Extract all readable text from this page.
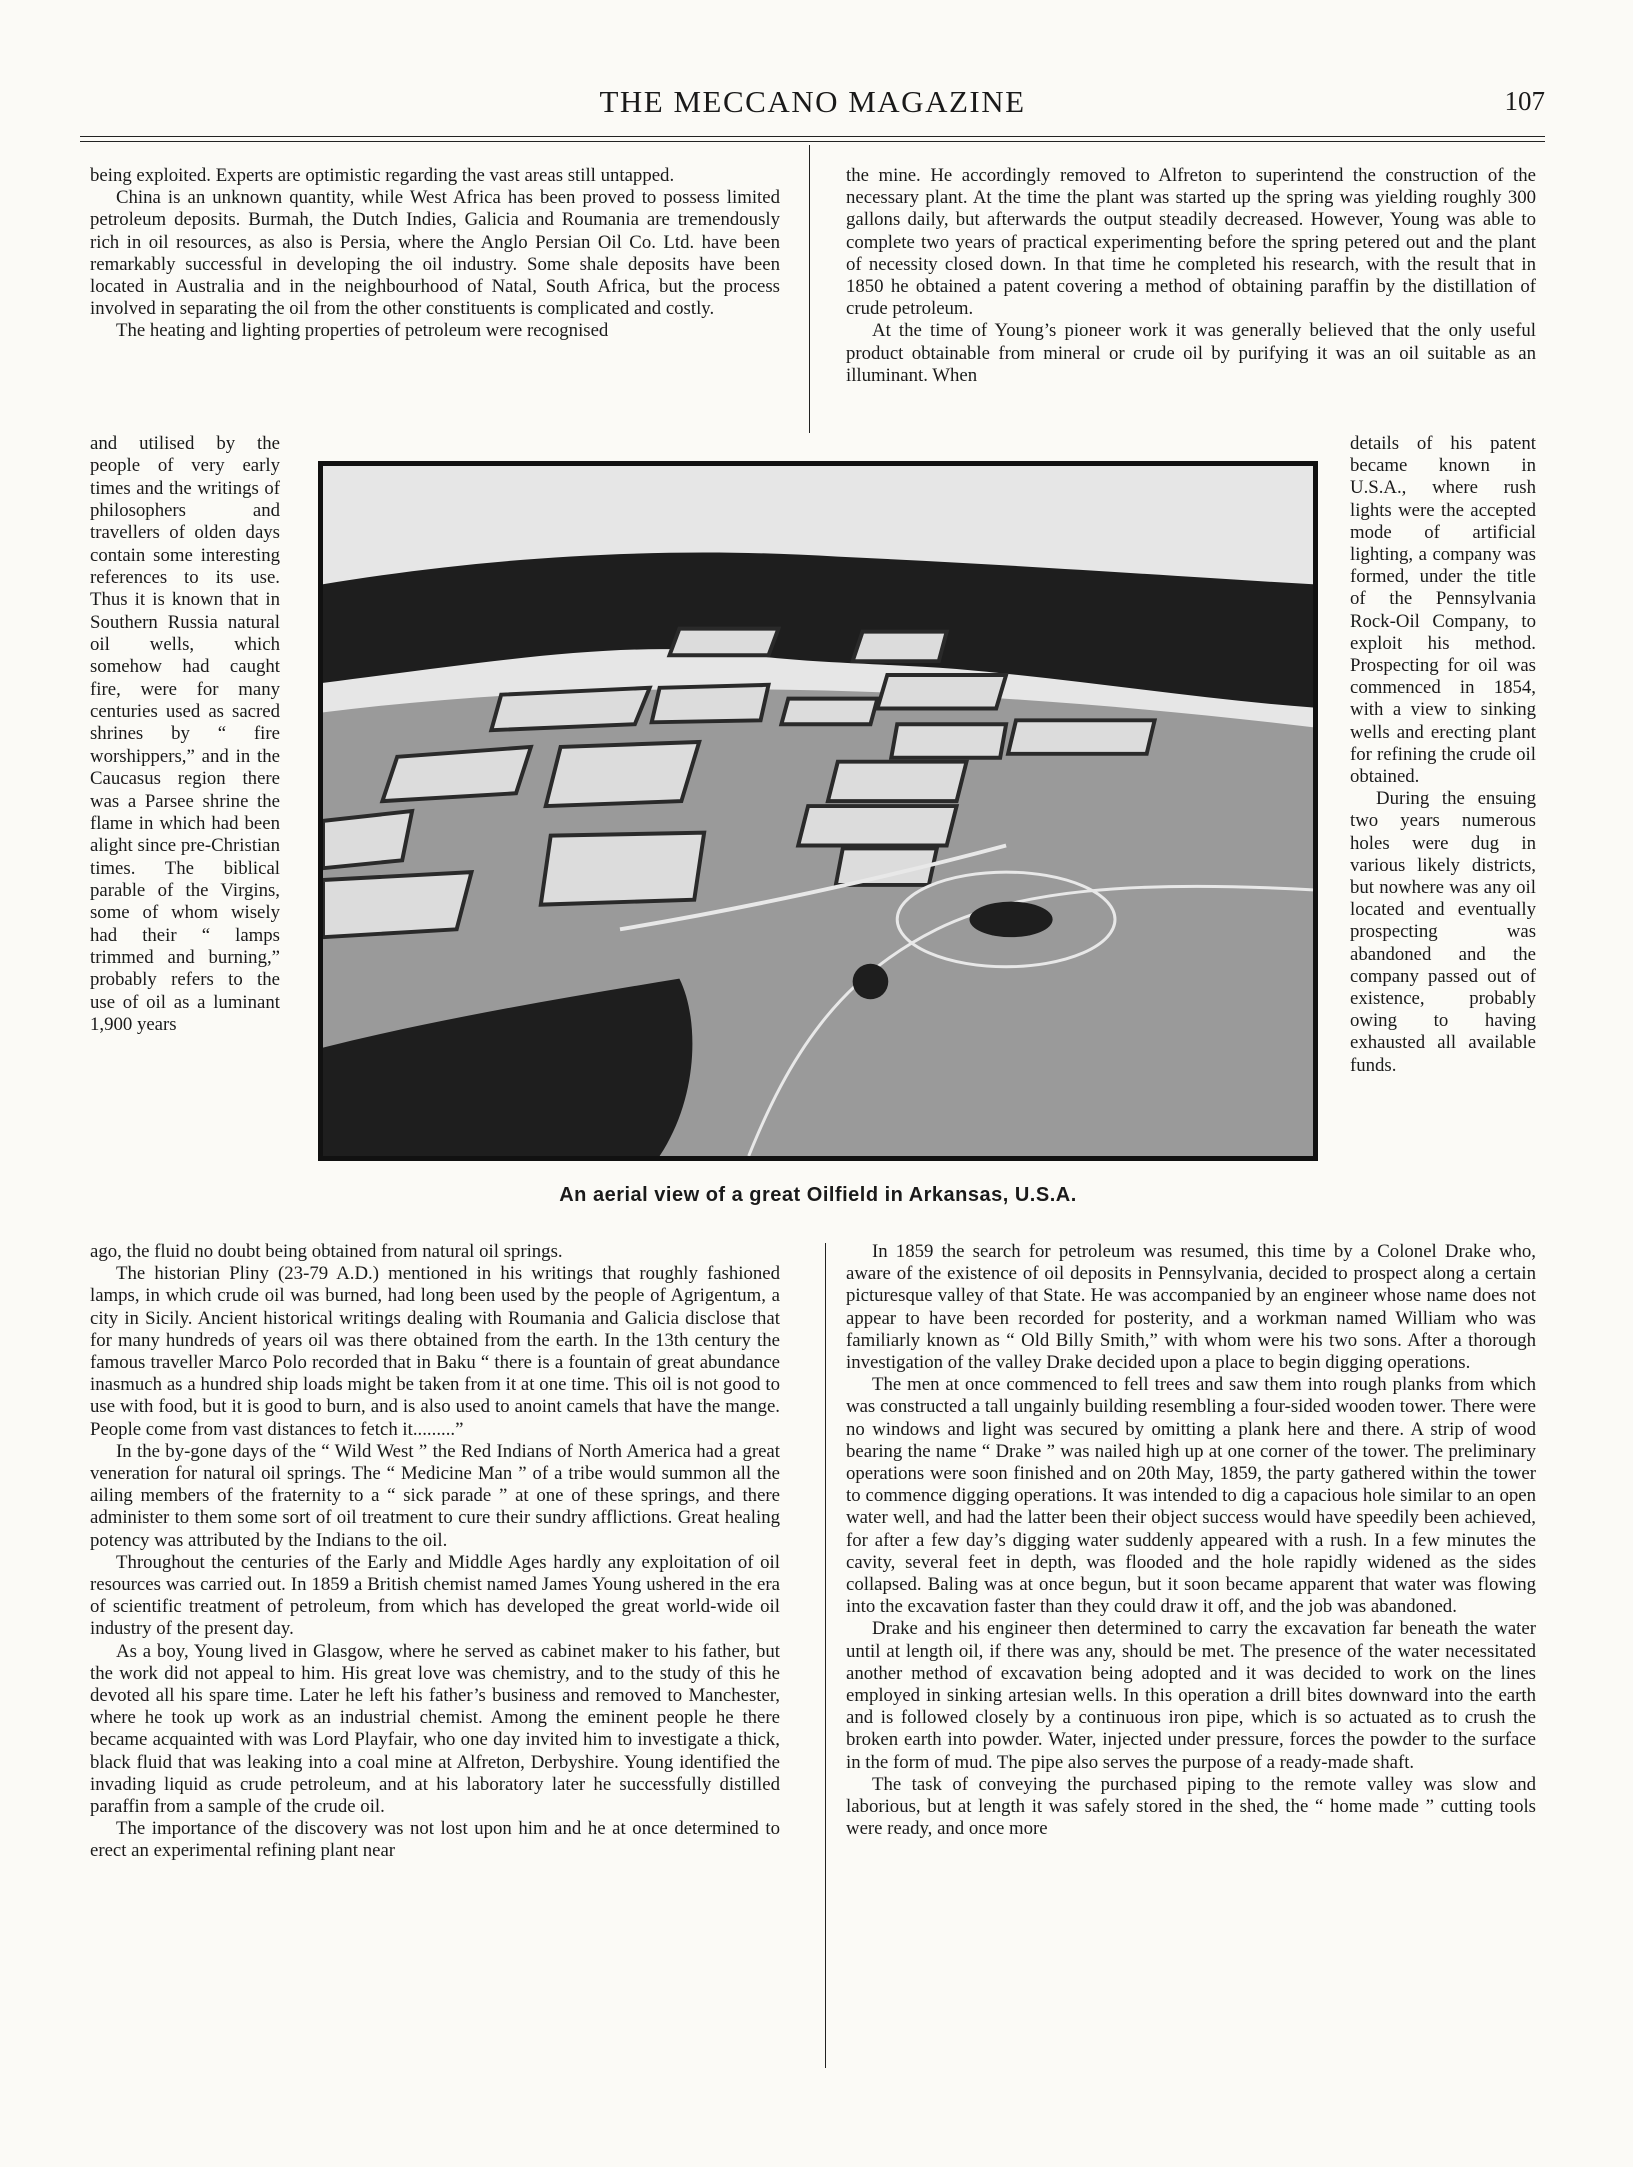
THE MECCANO MAGAZINE	107

being exploited. Experts are optimistic regarding the vast areas still untapped.

China is an unknown quantity, while West Africa has been proved to possess limited petroleum deposits. Burmah, the Dutch Indies, Galicia and Roumania are tremendously rich in oil resources, as also is Persia, where the Anglo Persian Oil Co. Ltd. have been remarkably successful in developing the oil industry. Some shale deposits have been located in Australia and in the neighbourhood of Natal, South Africa, but the process involved in separating the oil from the other constituents is complicated and costly.

The heating and lighting properties of petroleum were recognised

and utilised by the people of very early times and the writings of philosophers and travellers of olden days contain some interesting references to its use. Thus it is known that in Southern Russia natural oil wells, which somehow had caught fire, were for many centuries used as sacred shrines by “ fire worshippers,” and in the Caucasus region there was a Parsee shrine the flame in which had been alight since pre-Christian times. The biblical parable of the Virgins, some of whom wisely had their “ lamps trimmed and burning,” probably refers to the use of oil as a luminant 1,900 years

the mine. He accordingly removed to Alfreton to superintend the construction of the necessary plant. At the time the plant was started up the spring was yielding roughly 300 gallons daily, but afterwards the output steadily decreased. However, Young was able to complete two years of practical experimenting before the spring petered out and the plant of necessity closed down. In that time he completed his research, with the result that in 1850 he obtained a patent covering a method of obtaining paraffin by the distillation of crude petroleum.

At the time of Young’s pioneer work it was generally believed that the only useful product obtainable from mineral or crude oil by purifying it was an oil suitable as an illuminant. When

details of his patent became known in U.S.A., where rush lights were the accepted mode of artificial lighting, a company was formed, under the title of the Pennsylvania Rock-Oil Company, to exploit his method. Prospecting for oil was commenced in 1854, with a view to sinking wells and erecting plant for refining the crude oil obtained.

During the ensuing two years numerous holes were dug in various likely districts, but nowhere was any oil located and eventually prospecting was abandoned and the company passed out of existence, probably owing to having exhausted all available funds.

An aerial view of a great Oilfield in Arkansas, U.S.A.

ago, the fluid no doubt being obtained from natural oil springs.

The historian Pliny (23-79 A.D.) mentioned in his writings that roughly fashioned lamps, in which crude oil was burned, had long been used by the people of Agrigentum, a city in Sicily. Ancient historical writings dealing with Roumania and Galicia disclose that for many hundreds of years oil was there obtained from the earth. In the 13th century the famous traveller Marco Polo recorded that in Baku “ there is a fountain of great abundance inasmuch as a hundred ship loads might be taken from it at one time. This oil is not good to use with food, but it is good to burn, and is also used to anoint camels that have the mange. People come from vast distances to fetch it.........”

In the by-gone days of the “ Wild West ” the Red Indians of North America had a great veneration for natural oil springs. The “ Medicine Man ” of a tribe would summon all the ailing members of the fraternity to a “ sick parade ” at one of these springs, and there administer to them some sort of oil treatment to cure their sundry afflictions. Great healing potency was attributed by the Indians to the oil.

Throughout the centuries of the Early and Middle Ages hardly any exploitation of oil resources was carried out. In 1859 a British chemist named James Young ushered in the era of scientific treatment of petroleum, from which has developed the great world-wide oil industry of the present day.

As a boy, Young lived in Glasgow, where he served as cabinet maker to his father, but the work did not appeal to him. His great love was chemistry, and to the study of this he devoted all his spare time. Later he left his father’s business and removed to Manchester, where he took up work as an industrial chemist. Among the eminent people he there became acquainted with was Lord Playfair, who one day invited him to investigate a thick, black fluid that was leaking into a coal mine at Alfreton, Derbyshire. Young identified the invading liquid as crude petroleum, and at his laboratory later he successfully distilled paraffin from a sample of the crude oil.

The importance of the discovery was not lost upon him and he at once determined to erect an experimental refining plant near

In 1859 the search for petroleum was resumed, this time by a Colonel Drake who, aware of the existence of oil deposits in Pennsylvania, decided to prospect along a certain picturesque valley of that State. He was accompanied by an engineer whose name does not appear to have been recorded for posterity, and a workman named William who was familiarly known as “ Old Billy Smith,” with whom were his two sons. After a thorough investigation of the valley Drake decided upon a place to begin digging operations.

The men at once commenced to fell trees and saw them into rough planks from which was constructed a tall ungainly building resembling a four-sided wooden tower. There were no windows and light was secured by omitting a plank here and there. A strip of wood bearing the name “ Drake ” was nailed high up at one corner of the tower. The preliminary operations were soon finished and on 20th May, 1859, the party gathered within the tower to commence digging operations. It was intended to dig a capacious hole similar to an open water well, and had the latter been their object success would have speedily been achieved, for after a few day’s digging water suddenly appeared with a rush. In a few minutes the cavity, several feet in depth, was flooded and the hole rapidly widened as the sides collapsed. Baling was at once begun, but it soon became apparent that water was flowing into the excavation faster than they could draw it off, and the job was abandoned.

Drake and his engineer then determined to carry the excavation far beneath the water until at length oil, if there was any, should be met. The presence of the water necessitated another method of excavation being adopted and it was decided to work on the lines employed in sinking artesian wells. In this operation a drill bites downward into the earth and is followed closely by a continuous iron pipe, which is so actuated as to crush the broken earth into powder. Water, injected under pressure, forces the powder to the surface in the form of mud. The pipe also serves the purpose of a ready-made shaft.

The task of conveying the purchased piping to the remote valley was slow and laborious, but at length it was safely stored in the shed, the “ home made ” cutting tools were ready, and once more
